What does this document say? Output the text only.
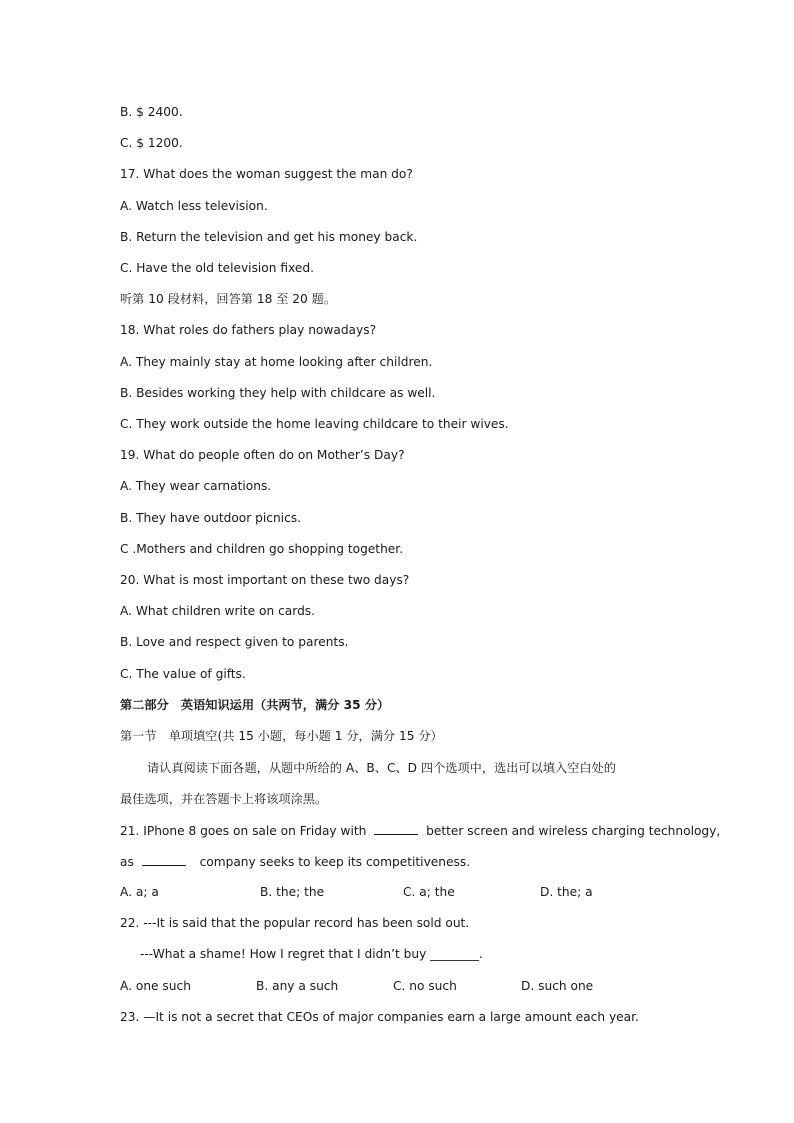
B. $ 2400.
C. $ 1200.
17. What does the woman suggest the man do?
A. Watch less television.
B. Return the television and get his money back.
C. Have the old television fixed.
听第 10 段材料，回答第 18 至 20 题。
18. What roles do fathers play nowadays?
A. They mainly stay at home looking after children.
B. Besides working they help with childcare as well.
C. They work outside the home leaving childcare to their wives.
19. What do people often do on Mother’s Day?
A. They wear carnations.
B. They have outdoor picnics.
C .Mothers and children go shopping together.
20. What is most important on these two days?
A. What children write on cards.
B. Love and respect given to parents.
C. The value of gifts.
第二部分　英语知识运用（共两节，满分 35 分）
第一节　单项填空(共 15 小题，每小题 1 分，满分 15 分）
请认真阅读下面各题，从题中所给的 A、B、C、D 四个选项中，选出可以填入空白处的
最佳选项，并在答题卡上将该项涂黑。
21. IPhone 8 goes on sale on Friday with	better screen and wireless charging technology,
as	company seeks to keep its competitiveness.
A. a; a	B. the; the	C. a; the	D. the; a
22. ---It is said that the popular record has been sold out.
---What a shame! How I regret that I didn’t buy ________.
A. one such	B. any a such	C. no such	D. such one
23. —It is not a secret that CEOs of major companies earn a large amount each year.
